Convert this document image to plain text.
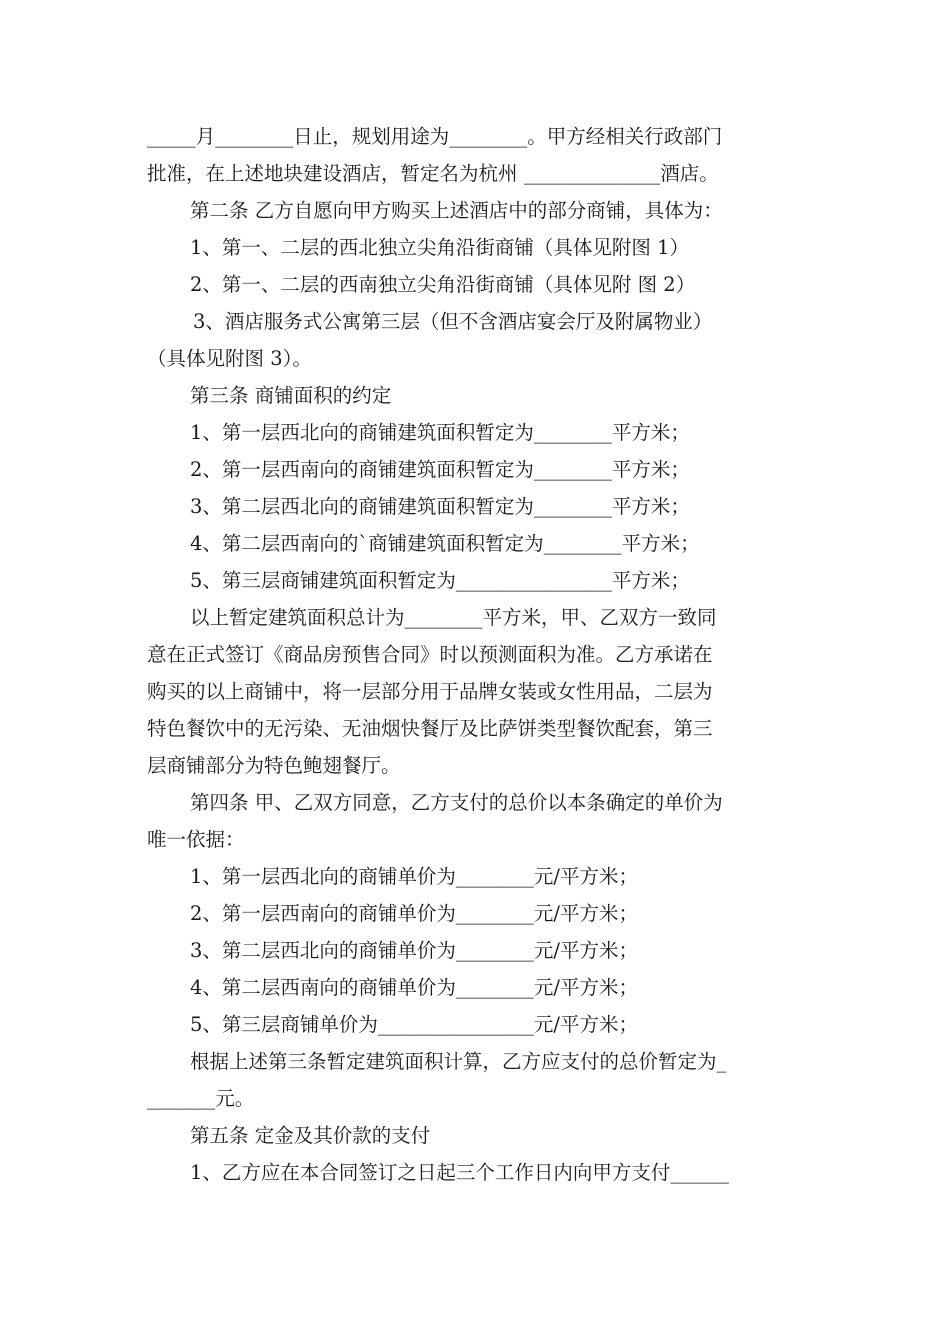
_____月________日止，规划用途为________。甲方经相关行政部门
批准，在上述地块建设酒店，暂定名为杭州 ______________酒店。
第二条 乙方自愿向甲方购买上述酒店中的部分商铺，具体为：
1、第一、二层的西北独立尖角沿街商铺（具体见附图 1）
2、第一、二层的西南独立尖角沿街商铺（具体见附 图 2）
3、酒店服务式公寓第三层（但不含酒店宴会厅及附属物业）
（具体见附图 3）。
第三条 商铺面积的约定
1、第一层西北向的商铺建筑面积暂定为________平方米；
2、第一层西南向的商铺建筑面积暂定为________平方米；
3、第二层西北向的商铺建筑面积暂定为________平方米；
4、第二层西南向的`商铺建筑面积暂定为________平方米；
5、第三层商铺建筑面积暂定为________________平方米；
以上暂定建筑面积总计为________平方米，甲、乙双方一致同
意在正式签订《商品房预售合同》时以预测面积为准。乙方承诺在
购买的以上商铺中，将一层部分用于品牌女装或女性用品，二层为
特色餐饮中的无污染、无油烟快餐厅及比萨饼类型餐饮配套，第三
层商铺部分为特色鲍翅餐厅。
第四条 甲、乙双方同意，乙方支付的总价以本条确定的单价为
唯一依据：
1、第一层西北向的商铺单价为________元/平方米；
2、第一层西南向的商铺单价为________元/平方米；
3、第二层西北向的商铺单价为________元/平方米；
4、第二层西南向的商铺单价为________元/平方米；
5、第三层商铺单价为________________元/平方米；
根据上述第三条暂定建筑面积计算，乙方应支付的总价暂定为_
_______元。
第五条 定金及其价款的支付
1、乙方应在本合同签订之日起三个工作日内向甲方支付______
